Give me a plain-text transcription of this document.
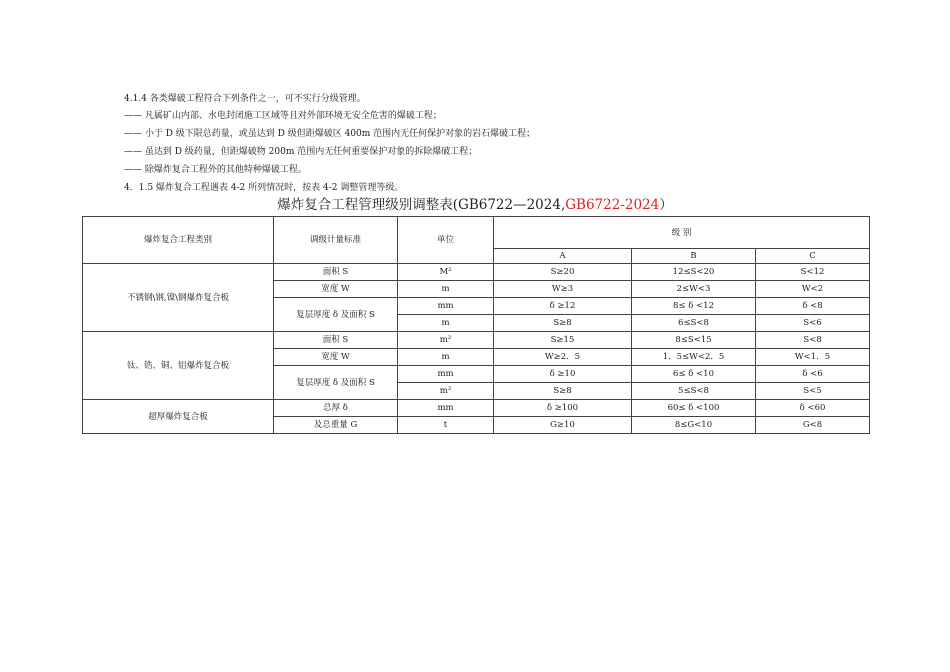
4.1.4 各类爆破工程符合下列条件之一，可不实行分级管理。
—— 凡属矿山内部、水电封闭施工区域等且对外部环境无安全危害的爆破工程；
—— 小于 D 级下限总药量，或虽达到 D 级但距爆破区 400m 范围内无任何保护对象的岩石爆破工程；
—— 虽达到 D 级药量，但距爆破物 200m 范围内无任何重要保护对象的拆除爆破工程；
—— 除爆炸复合工程外的其他特种爆破工程。
4．1.5 爆炸复合工程遇表 4-2 所列情况时，按表 4-2 调整管理等级。
爆炸复合工程管理级别调整表(GB6722—2024,GB6722-2024）
爆炸复合工程类别	调级计量标准	单位	级 别		
			A	B	C
不锈钢\钢,镍\钢爆炸复合板	面积 S	M²	S≥20	12≤S<20	S<12
	宽度 W	m	W≥3	2≤W<3	W<2
	复层厚度 δ 及面积 S	mm	δ ≥12	8≤ δ <12	δ <8
		m	S≥8	6≤S<8	S<6
钛、锆、铜、铝爆炸复合板	面积 S	m²	S≥15	8≤S<15	S<8
	宽度 W	m	W≥2．5	1．5≤W<2．5	W<1．5
	复层厚度 δ 及面积 S	mm	δ ≥10	6≤ δ <10	δ <6
		m²	S≥8	5≤S<8	S<5
超厚爆炸复合板	总厚 δ	mm	δ ≥100	60≤ δ <100	δ <60
	及总重量 G	t	G≥10	8≤G<10	G<8
